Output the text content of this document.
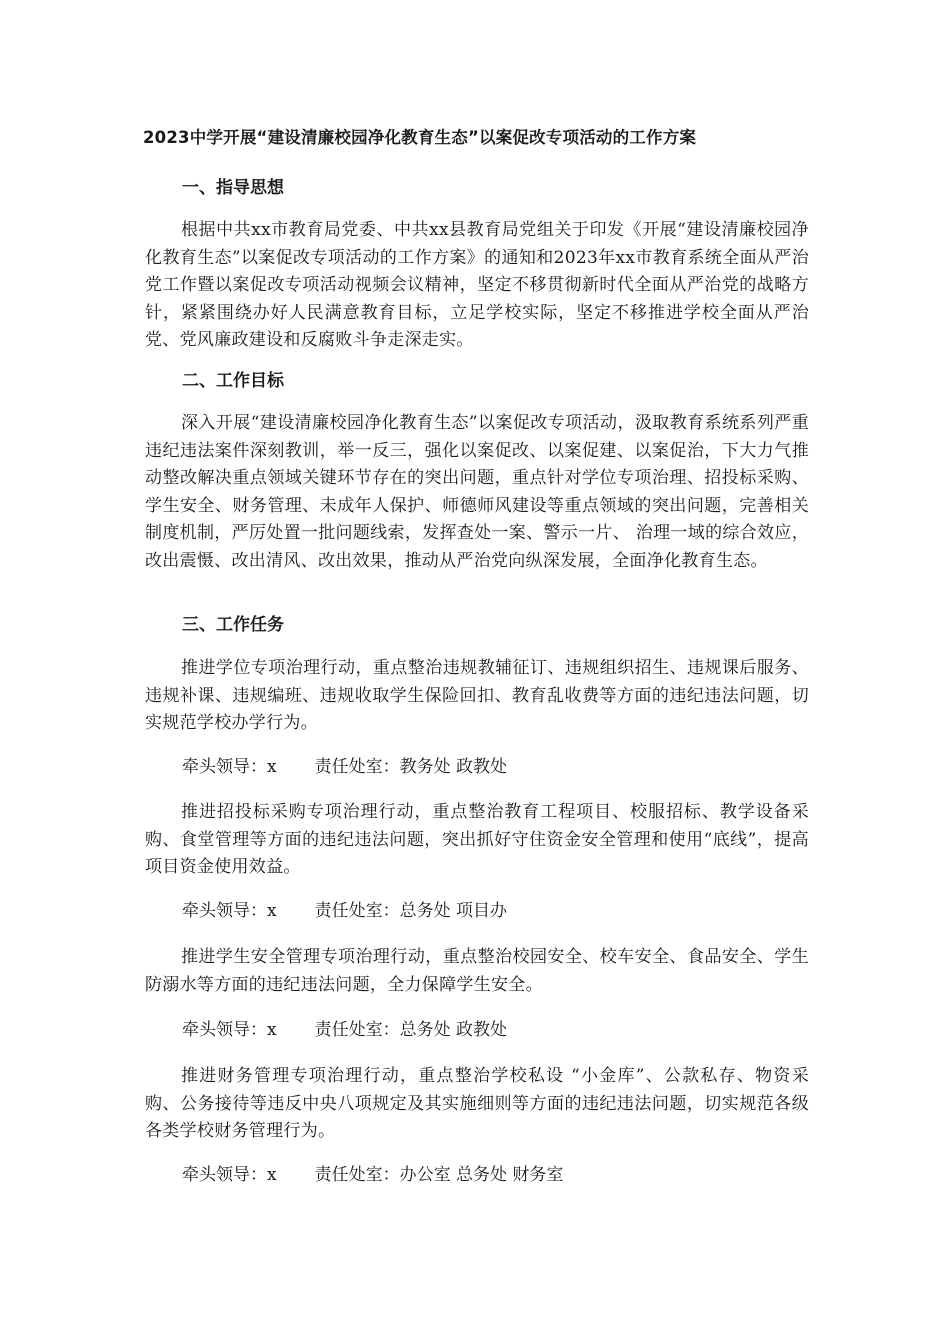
2023中学开展“建设清廉校园净化教育生态”以案促改专项活动的工作方案
一、指导思想
根据中共xx市教育局党委、中共xx县教育局党组关于印发《开展“建设清廉校园净化教育生态”以案促改专项活动的工作方案》的通知和2023年xx市教育系统全面从严治党工作暨以案促改专项活动视频会议精神，坚定不移贯彻新时代全面从严治党的战略方针，紧紧围绕办好人民满意教育目标，立足学校实际，坚定不移推进学校全面从严治党、党风廉政建设和反腐败斗争走深走实。
二、工作目标
深入开展“建设清廉校园净化教育生态”以案促改专项活动，汲取教育系统系列严重违纪违法案件深刻教训，举一反三，强化以案促改、以案促建、以案促治，下大力气推动整改解决重点领域关键环节存在的突出问题，重点针对学位专项治理、招投标采购、学生安全、财务管理、未成年人保护、师德师风建设等重点领域的突出问题，完善相关制度机制，严厉处置一批问题线索，发挥查处一案、警示一片、 治理一域的综合效应，改出震慑、改出清风、改出效果，推动从严治党向纵深发展，全面净化教育生态。
三、工作任务
推进学位专项治理行动，重点整治违规教辅征订、违规组织招生、违规课后服务、违规补课、违规编班、违规收取学生保险回扣、教育乱收费等方面的违纪违法问题，切实规范学校办学行为。
牵头领导：x 责任处室：教务处 政教处
推进招投标采购专项治理行动，重点整治教育工程项目、校服招标、教学设备采购、食堂管理等方面的违纪违法问题，突出抓好守住资金安全管理和使用“底线”，提高项目资金使用效益。
牵头领导：x 责任处室：总务处 项目办
推进学生安全管理专项治理行动，重点整治校园安全、校车安全、食品安全、学生防溺水等方面的违纪违法问题，全力保障学生安全。
牵头领导：x 责任处室：总务处 政教处
推进财务管理专项治理行动，重点整治学校私设 “小金库”、公款私存、物资采购、公务接待等违反中央八项规定及其实施细则等方面的违纪违法问题，切实规范各级各类学校财务管理行为。
牵头领导：x 责任处室：办公室 总务处 财务室
